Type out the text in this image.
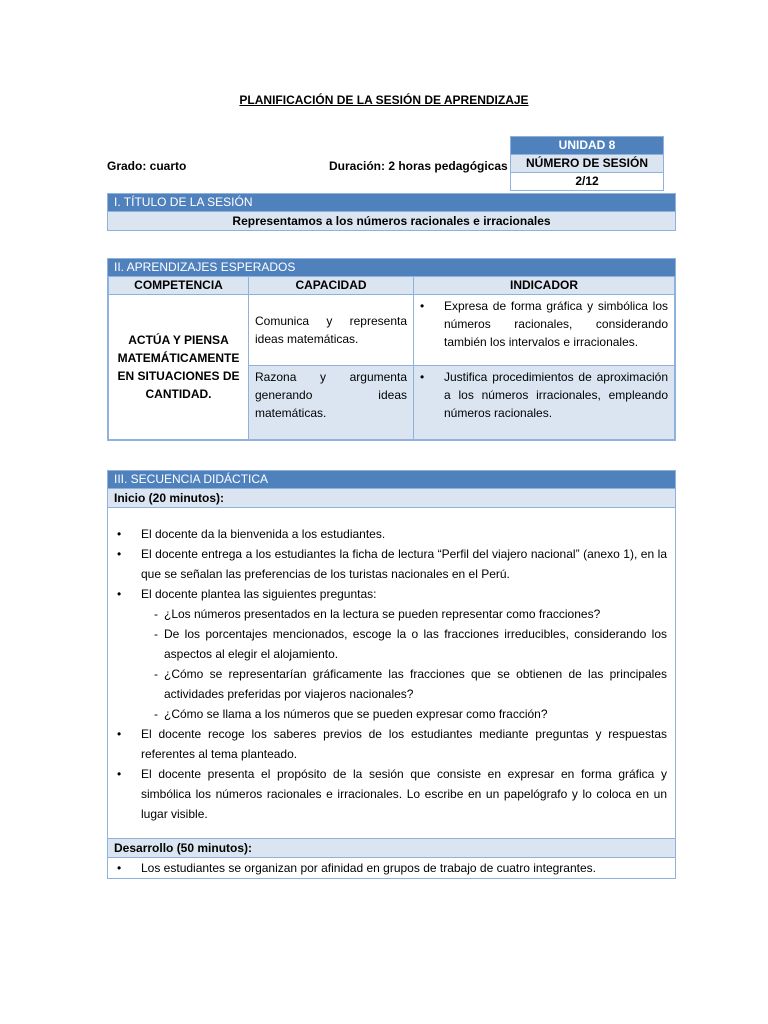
PLANIFICACIÓN DE LA SESIÓN DE APRENDIZAJE
Grado: cuarto	Duración: 2 horas pedagógicas
UNIDAD 8
NÚMERO DE SESIÓN
2/12
I. TÍTULO DE LA SESIÓN
Representamos a los números racionales e irracionales
II. APRENDIZAJES ESPERADOS
COMPETENCIA	CAPACIDAD	INDICADOR
ACTÚA Y PIENSA MATEMÁTICAMENTE EN SITUACIONES DE CANTIDAD.	Comunica y representa ideas matemáticas.	• Expresa de forma gráfica y simbólica los números racionales, considerando también los intervalos e irracionales.

	Razona y argumenta generando ideas matemáticas.	• Justifica procedimientos de aproximación a los números irracionales, empleando números racionales.
III. SECUENCIA DIDÁCTICA
Inicio (20 minutos):
•	El docente da la bienvenida a los estudiantes.
•	El docente entrega a los estudiantes la ficha de lectura “Perfil del viajero nacional” (anexo 1), en la que se señalan las preferencias de los turistas nacionales en el Perú.
•	El docente plantea las siguientes preguntas:
- ¿Los números presentados en la lectura se pueden representar como fracciones?
- De los porcentajes mencionados, escoge la o las fracciones irreducibles, considerando los aspectos al elegir el alojamiento.
- ¿Cómo se representarían gráficamente las fracciones que se obtienen de las principales actividades preferidas por viajeros nacionales?
- ¿Cómo se llama a los números que se pueden expresar como fracción?
•	El docente recoge los saberes previos de los estudiantes mediante preguntas y respuestas referentes al tema planteado.
•	El docente presenta el propósito de la sesión que consiste en expresar en forma gráfica y simbólica los números racionales e irracionales. Lo escribe en un papelógrafo y lo coloca en un lugar visible.
Desarrollo (50 minutos):
•	Los estudiantes se organizan por afinidad en grupos de trabajo de cuatro integrantes.
